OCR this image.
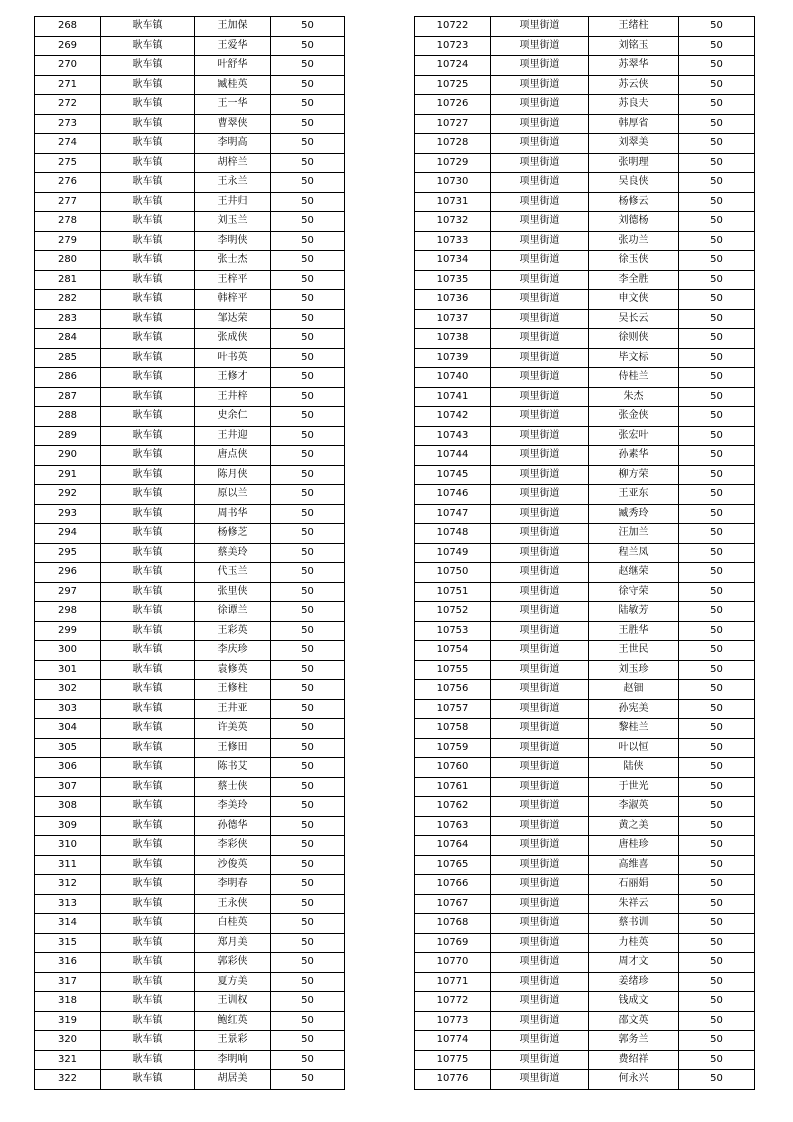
268	耿车镇	王加保	50
269	耿车镇	王爱华	50
270	耿车镇	叶舒华	50
271	耿车镇	臧桂英	50
272	耿车镇	王一华	50
273	耿车镇	曹翠侠	50
274	耿车镇	李明高	50
275	耿车镇	胡梓兰	50
276	耿车镇	王永兰	50
277	耿车镇	王井归	50
278	耿车镇	刘玉兰	50
279	耿车镇	李明侠	50
280	耿车镇	张士杰	50
281	耿车镇	王梓平	50
282	耿车镇	韩梓平	50
283	耿车镇	邹达荣	50
284	耿车镇	张成侠	50
285	耿车镇	叶书英	50
286	耿车镇	王修才	50
287	耿车镇	王井梓	50
288	耿车镇	史余仁	50
289	耿车镇	王井迎	50
290	耿车镇	唐点侠	50
291	耿车镇	陈月侠	50
292	耿车镇	原以兰	50
293	耿车镇	周书华	50
294	耿车镇	杨修芝	50
295	耿车镇	蔡美玲	50
296	耿车镇	代玉兰	50
297	耿车镇	张里侠	50
298	耿车镇	徐谭兰	50
299	耿车镇	王彩英	50
300	耿车镇	李庆珍	50
301	耿车镇	袁修英	50
302	耿车镇	王修柱	50
303	耿车镇	王井亚	50
304	耿车镇	许美英	50
305	耿车镇	王修田	50
306	耿车镇	陈书艾	50
307	耿车镇	蔡士侠	50
308	耿车镇	李美玲	50
309	耿车镇	孙德华	50
310	耿车镇	李彩侠	50
311	耿车镇	沙俊英	50
312	耿车镇	李明春	50
313	耿车镇	王永侠	50
314	耿车镇	白桂英	50
315	耿车镇	郑月美	50
316	耿车镇	郭彩侠	50
317	耿车镇	夏方美	50
318	耿车镇	王训权	50
319	耿车镇	鲍红英	50
320	耿车镇	王景彩	50
321	耿车镇	李明响	50
322	耿车镇	胡居美	50
10722	项里街道	王绪柱	50
10723	项里街道	刘铭玉	50
10724	项里街道	苏翠华	50
10725	项里街道	苏云侠	50
10726	项里街道	苏良夫	50
10727	项里街道	韩厚省	50
10728	项里街道	刘翠美	50
10729	项里街道	张明理	50
10730	项里街道	吴良侠	50
10731	项里街道	杨修云	50
10732	项里街道	刘德杨	50
10733	项里街道	张功兰	50
10734	项里街道	徐玉侠	50
10735	项里街道	李全胜	50
10736	项里街道	申文侠	50
10737	项里街道	吴长云	50
10738	项里街道	徐则侠	50
10739	项里街道	毕文标	50
10740	项里街道	侍桂兰	50
10741	项里街道	朱杰	50
10742	项里街道	张金侠	50
10743	项里街道	张宏叶	50
10744	项里街道	孙素华	50
10745	项里街道	柳方荣	50
10746	项里街道	王亚东	50
10747	项里街道	臧秀玲	50
10748	项里街道	汪加兰	50
10749	项里街道	程兰凤	50
10750	项里街道	赵继荣	50
10751	项里街道	徐守荣	50
10752	项里街道	陆敏芳	50
10753	项里街道	王胜华	50
10754	项里街道	王世民	50
10755	项里街道	刘玉珍	50
10756	项里街道	赵钿	50
10757	项里街道	孙宪美	50
10758	项里街道	黎桂兰	50
10759	项里街道	叶以恒	50
10760	项里街道	陆侠	50
10761	项里街道	于世光	50
10762	项里街道	李淑英	50
10763	项里街道	黄之美	50
10764	项里街道	唐桂珍	50
10765	项里街道	高维喜	50
10766	项里街道	石丽娟	50
10767	项里街道	朱祥云	50
10768	项里街道	蔡书训	50
10769	项里街道	力桂英	50
10770	项里街道	周才文	50
10771	项里街道	姜绪珍	50
10772	项里街道	钱成文	50
10773	项里街道	邵文英	50
10774	项里街道	郭务兰	50
10775	项里街道	费绍祥	50
10776	项里街道	何永兴	50
